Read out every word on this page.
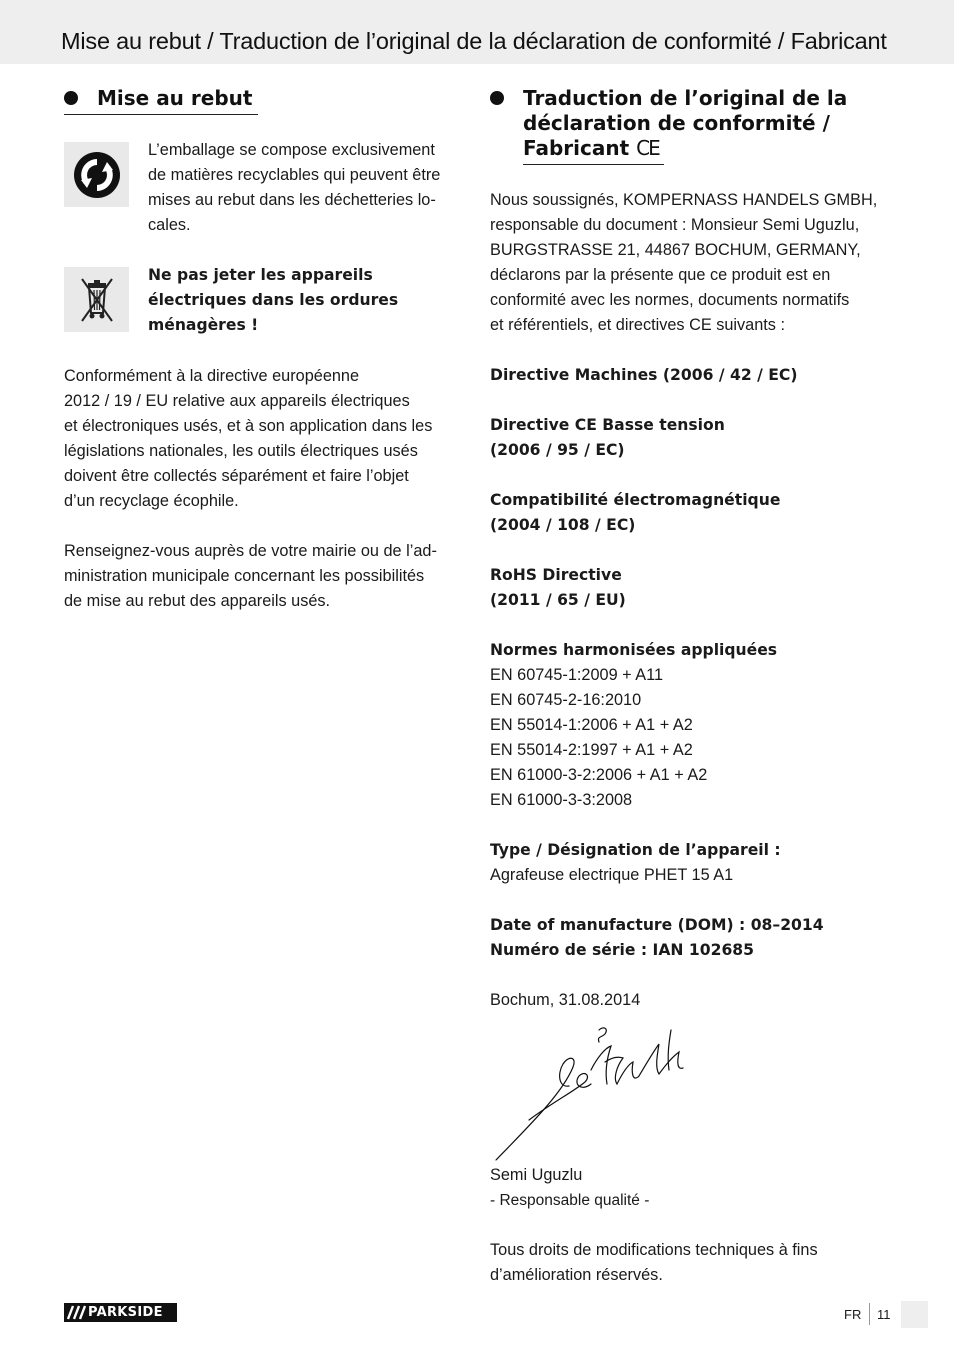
Mise au rebut / Traduction de l’original de la déclaration de conformité / Fabricant
Mise au rebut

L’emballage se compose exclusivement
de matières recyclables qui peuvent être
mises au rebut dans les déchetteries lo-
cales.

Ne pas jeter les appareils
électriques dans les ordures
ménagères !

Conformément à la directive européenne
2012 / 19 / EU relative aux appareils électriques
et électroniques usés, et à son application dans les
législations nationales, les outils électriques usés
doivent être collectés séparément et faire l’objet
d’un recyclage écophile.

Renseignez-vous auprès de votre mairie ou de l’ad-
ministration municipale concernant les possibilités
de mise au rebut des appareils usés.

Traduction de l’original de la
déclaration de conformité /
Fabricant CE

Nous soussignés, KOMPERNASS HANDELS GMBH,
responsable du document : Monsieur Semi Uguzlu,
BURGSTRASSE 21, 44867 BOCHUM, GERMANY,
déclarons par la présente que ce produit est en
conformité avec les normes, documents normatifs
et référentiels, et directives CE suivants :

Directive Machines (2006 / 42 / EC)

Directive CE Basse tension
(2006 / 95 / EC)

Compatibilité électromagnétique
(2004 / 108 / EC)

RoHS Directive
(2011 / 65 / EU)

Normes harmonisées appliquées
EN 60745-1:2009 + A11
EN 60745-2-16:2010
EN 55014-1:2006 + A1 + A2
EN 55014-2:1997 + A1 + A2
EN 61000-3-2:2006 + A1 + A2
EN 61000-3-3:2008

Type / Désignation de l’appareil :
Agrafeuse electrique PHET 15 A1

Date of manufacture (DOM) : 08–2014
Numéro de série : IAN 102685

Bochum, 31.08.2014

Semi Uguzlu
- Responsable qualité -

Tous droits de modifications techniques à fins
d’amélioration réservés.

PARKSIDE	FR 11
